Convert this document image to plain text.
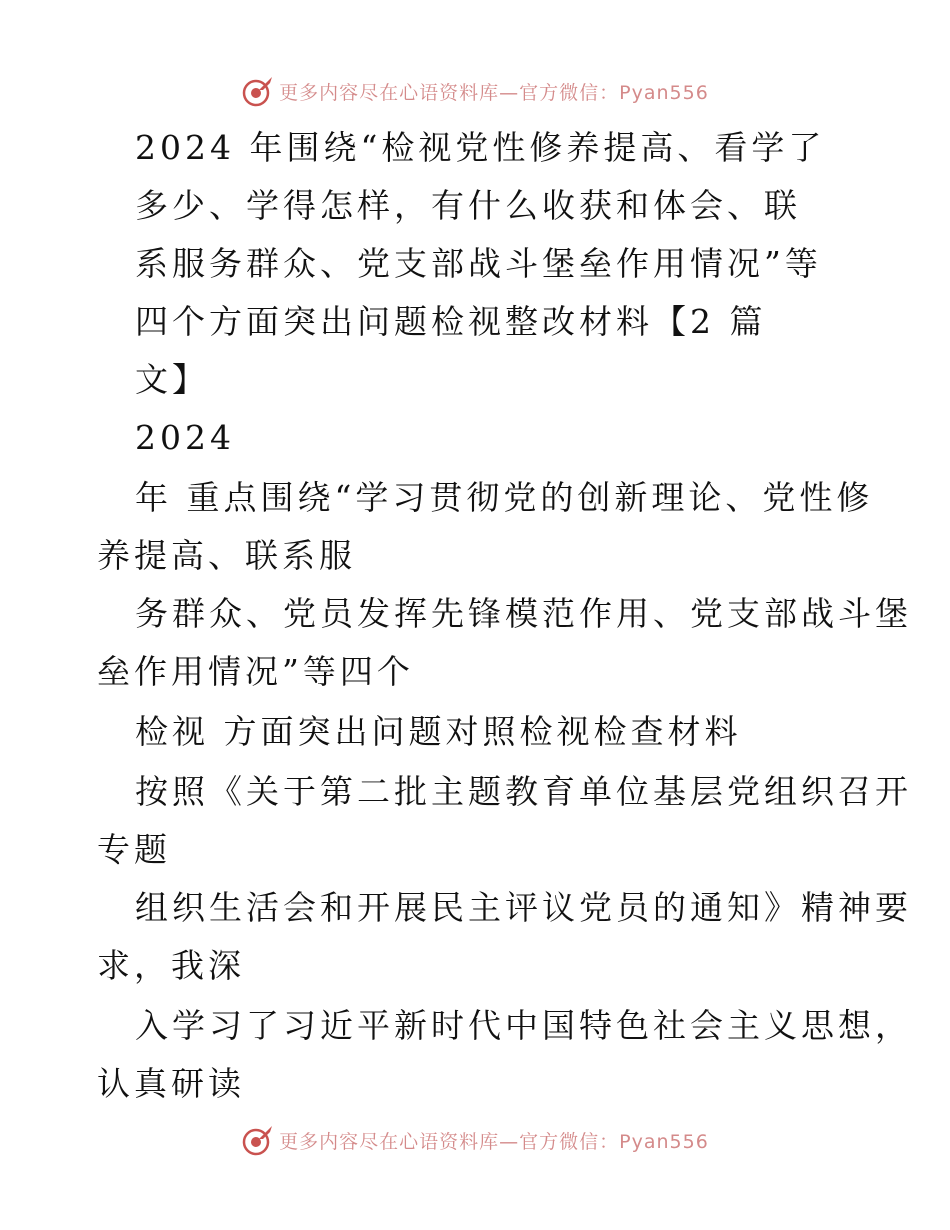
更多内容尽在心语资料库—官方微信：Pyan556
2024 年围绕“检视党性修养提高、看学了
多少、学得怎样，有什么收获和体会、联
系服务群众、党支部战斗堡垒作用情况”等
四个方面突出问题检视整改材料【2 篇
文】
2024
年 重点围绕“学习贯彻党的创新理论、党性修
养提高、联系服
务群众、党员发挥先锋模范作用、党支部战斗堡
垒作用情况”等四个
检视 方面突出问题对照检视检查材料
按照《关于第二批主题教育单位基层党组织召开
专题
组织生活会和开展民主评议党员的通知》精神要
求，我深
入学习了习近平新时代中国特色社会主义思想，
认真研读
更多内容尽在心语资料库—官方微信：Pyan556
